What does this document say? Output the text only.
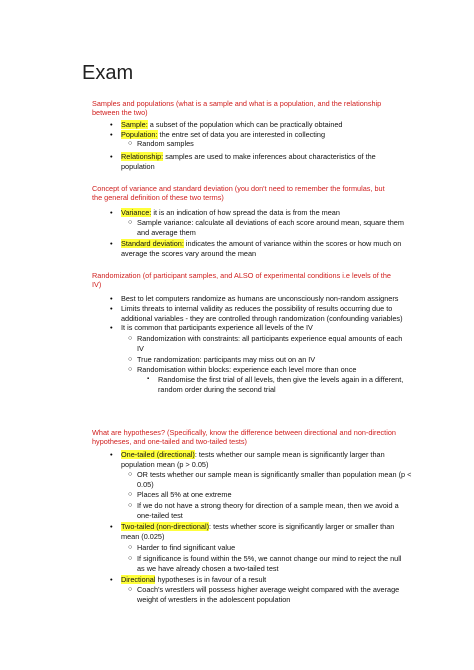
Exam
Samples and populations (what is a sample and what is a population, and the relationship
between the two)
• Sample: a subset of the population which can be practically obtained
• Population: the entre set of data you are interested in collecting
○ Random samples
• Relationship: samples are used to make inferences about characteristics of the
population
Concept of variance and standard deviation (you don't need to remember the formulas, but
the general definition of these two terms)
• Variance: it is an indication of how spread the data is from the mean
○ Sample variance: calculate all deviations of each score around mean, square them
and average them
• Standard deviation: indicates the amount of variance within the scores or how much on
average the scores vary around the mean
Randomization (of participant samples, and ALSO of experimental conditions i.e levels of the
IV)
• Best to let computers randomize as humans are unconsciously non-random assigners
• Limits threats to internal validity as reduces the possibility of results occurring due to
additional variables - they are controlled through randomization (confounding variables)
• It is common that participants experience all levels of the IV
○ Randomization with constraints: all participants experience equal amounts of each
IV
○ True randomization: participants may miss out on an IV
○ Randomisation within blocks: experience each level more than once
▪ Randomise the first trial of all levels, then give the levels again in a different,
random order during the second trial
What are hypotheses? (Specifically, know the difference between directional and non-direction
hypotheses, and one-tailed and two-tailed tests)
• One-tailed (directional): tests whether our sample mean is significantly larger than
population mean (p > 0.05)
○ OR tests whether our sample mean is significantly smaller than population mean (p <
0.05)
○ Places all 5% at one extreme
○ If we do not have a strong theory for direction of a sample mean, then we avoid a
one-tailed test
• Two-tailed (non-directional): tests whether score is significantly larger or smaller than
mean (0.025)
○ Harder to find significant value
○ If significance is found within the 5%, we cannot change our mind to reject the null
as we have already chosen a two-tailed test
• Directional hypotheses is in favour of a result
○ Coach's wrestlers will possess higher average weight compared with the average
weight of wrestlers in the adolescent population
